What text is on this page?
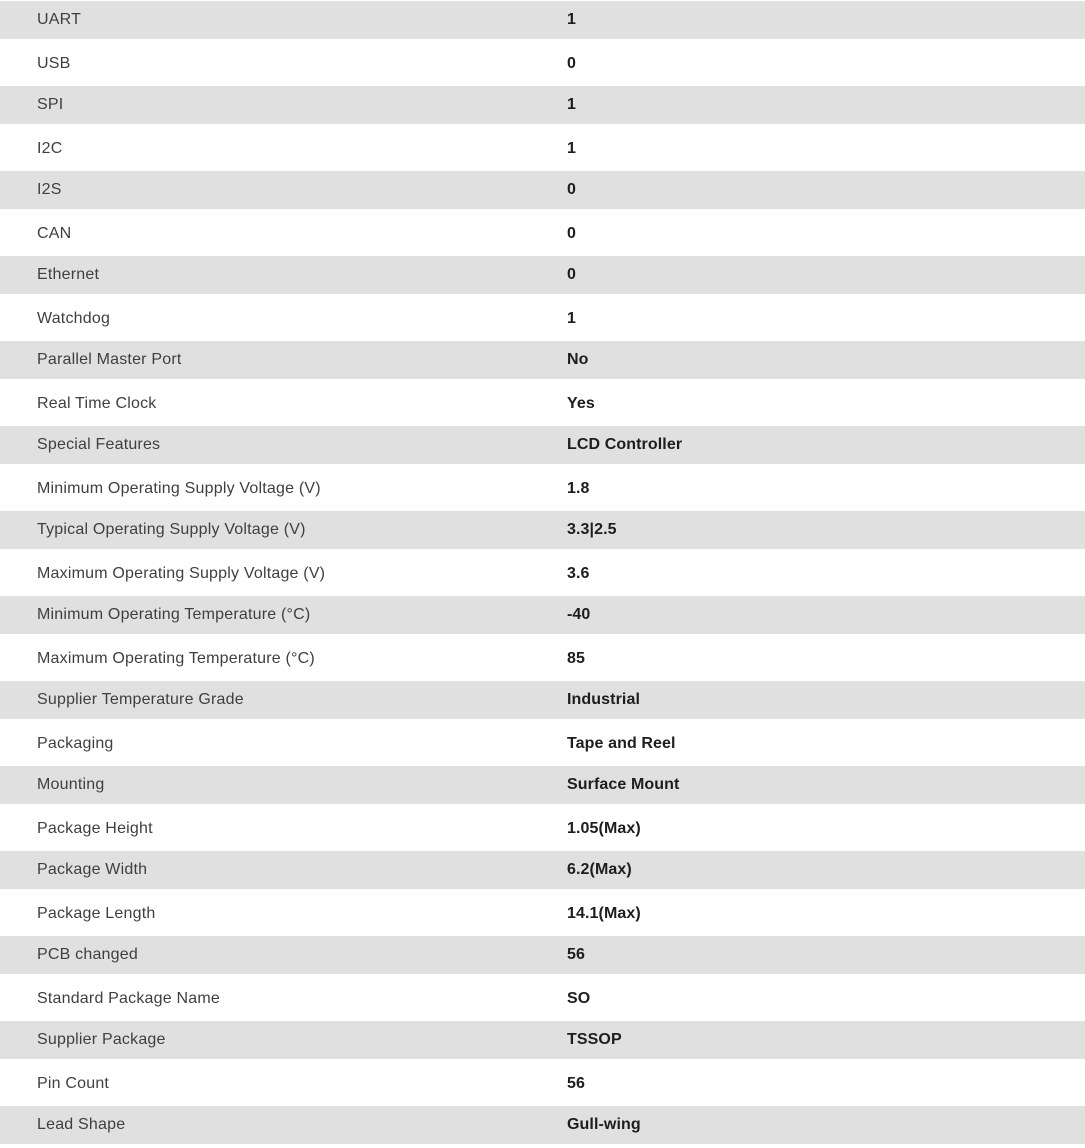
UART	1
USB	0
SPI	1
I2C	1
I2S	0
CAN	0
Ethernet	0
Watchdog	1
Parallel Master Port	No
Real Time Clock	Yes
Special Features	LCD Controller
Minimum Operating Supply Voltage (V)	1.8
Typical Operating Supply Voltage (V)	3.3|2.5
Maximum Operating Supply Voltage (V)	3.6
Minimum Operating Temperature (°C)	-40
Maximum Operating Temperature (°C)	85
Supplier Temperature Grade	Industrial
Packaging	Tape and Reel
Mounting	Surface Mount
Package Height	1.05(Max)
Package Width	6.2(Max)
Package Length	14.1(Max)
PCB changed	56
Standard Package Name	SO
Supplier Package	TSSOP
Pin Count	56
Lead Shape	Gull-wing
